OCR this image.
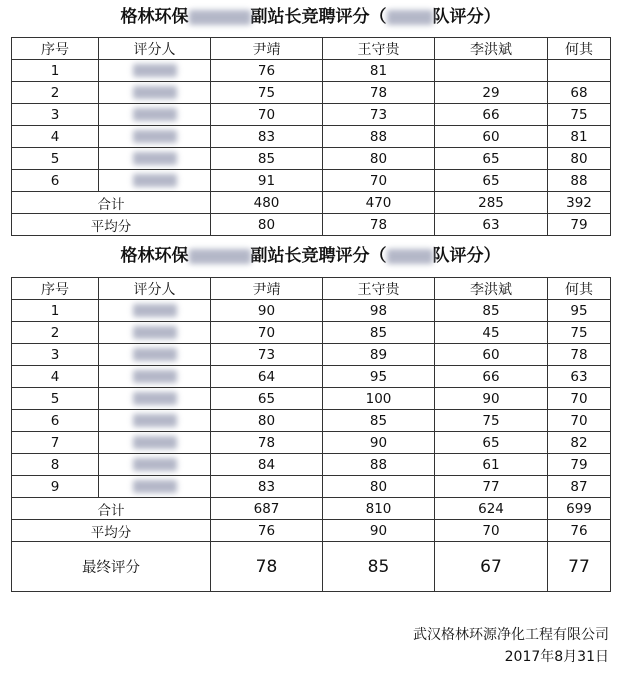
格林环保	副站长竞聘评分（	队评分）
序号	评分人	尹靖	王守贵	李洪斌	何其
1		76	81		
2		75	78	29	68
3		70	73	66	75
4		83	88	60	81
5		85	80	65	80
6		91	70	65	88
合计		480	470	285	392
平均分		80	78	63	79
格林环保	副站长竞聘评分（	队评分）
序号	评分人	尹靖	王守贵	李洪斌	何其
1		90	98	85	95
2		70	85	45	75
3		73	89	60	78
4		64	95	66	63
5		65	100	90	70
6		80	85	75	70
7		78	90	65	82
8		84	88	61	79
9		83	80	77	87
合计		687	810	624	699
平均分		76	90	70	76
最终评分		78	85	67	77
武汉格林环源净化工程有限公司
2017年8月31日
